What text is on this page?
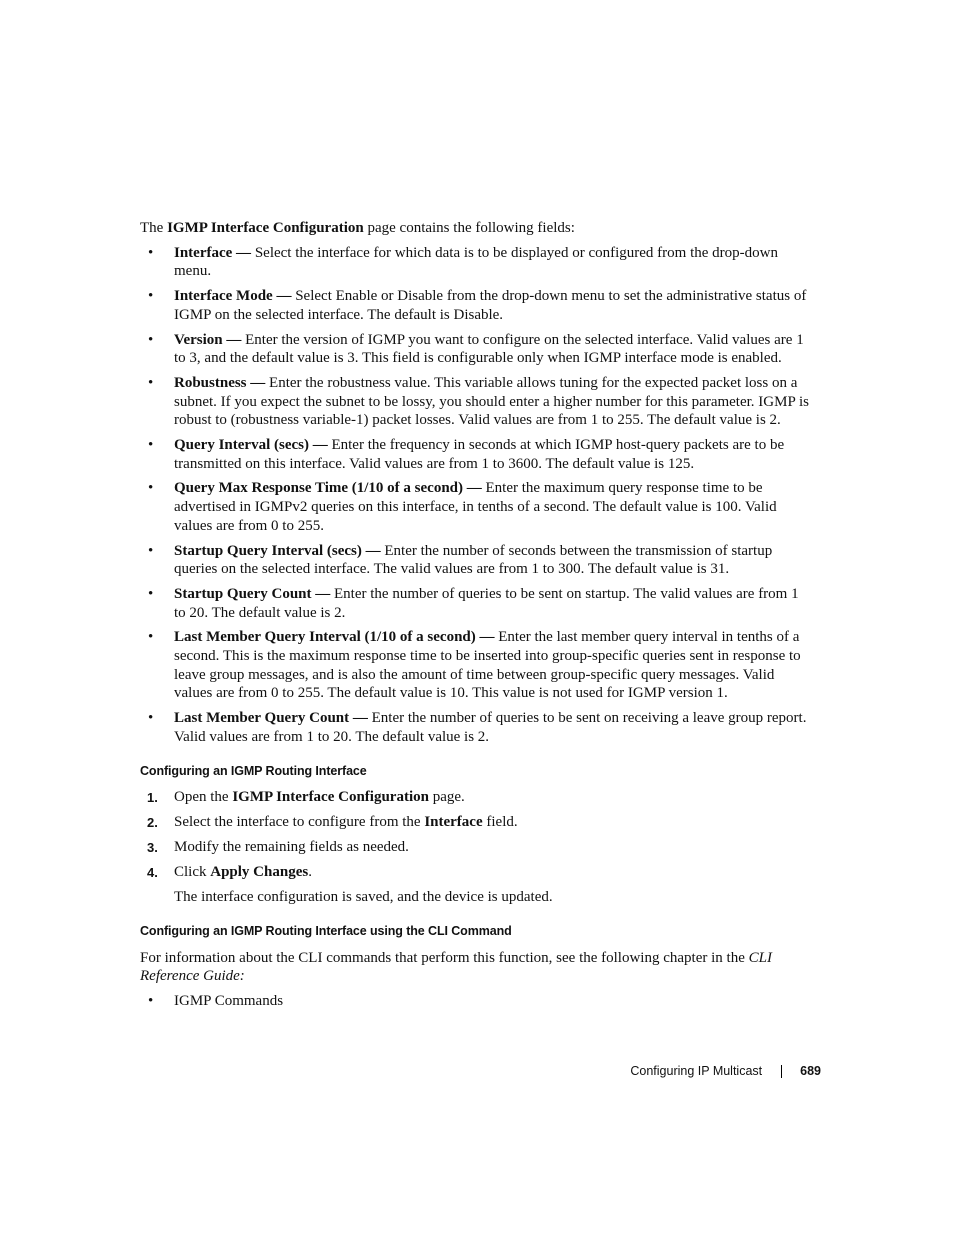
The IGMP Interface Configuration page contains the following fields:

• Interface — Select the interface for which data is to be displayed or configured from the drop-down menu.
• Interface Mode — Select Enable or Disable from the drop-down menu to set the administrative status of IGMP on the selected interface. The default is Disable.
• Version — Enter the version of IGMP you want to configure on the selected interface. Valid values are 1 to 3, and the default value is 3. This field is configurable only when IGMP interface mode is enabled.
• Robustness — Enter the robustness value. This variable allows tuning for the expected packet loss on a subnet. If you expect the subnet to be lossy, you should enter a higher number for this parameter. IGMP is robust to (robustness variable-1) packet losses. Valid values are from 1 to 255. The default value is 2.
• Query Interval (secs) — Enter the frequency in seconds at which IGMP host-query packets are to be transmitted on this interface. Valid values are from 1 to 3600. The default value is 125.
• Query Max Response Time (1/10 of a second) — Enter the maximum query response time to be advertised in IGMPv2 queries on this interface, in tenths of a second. The default value is 100. Valid values are from 0 to 255.
• Startup Query Interval (secs) — Enter the number of seconds between the transmission of startup queries on the selected interface. The valid values are from 1 to 300. The default value is 31.
• Startup Query Count — Enter the number of queries to be sent on startup. The valid values are from 1 to 20. The default value is 2.
• Last Member Query Interval (1/10 of a second) — Enter the last member query interval in tenths of a second. This is the maximum response time to be inserted into group-specific queries sent in response to leave group messages, and is also the amount of time between group-specific query messages. Valid values are from 0 to 255. The default value is 10. This value is not used for IGMP version 1.
• Last Member Query Count — Enter the number of queries to be sent on receiving a leave group report. Valid values are from 1 to 20. The default value is 2.
Configuring an IGMP Routing Interface
1. Open the IGMP Interface Configuration page.
2. Select the interface to configure from the Interface field.
3. Modify the remaining fields as needed.
4. Click Apply Changes.

The interface configuration is saved, and the device is updated.

Configuring an IGMP Routing Interface using the CLI Command

For information about the CLI commands that perform this function, see the following chapter in the CLI Reference Guide:

• IGMP Commands
Configuring IP Multicast	689
